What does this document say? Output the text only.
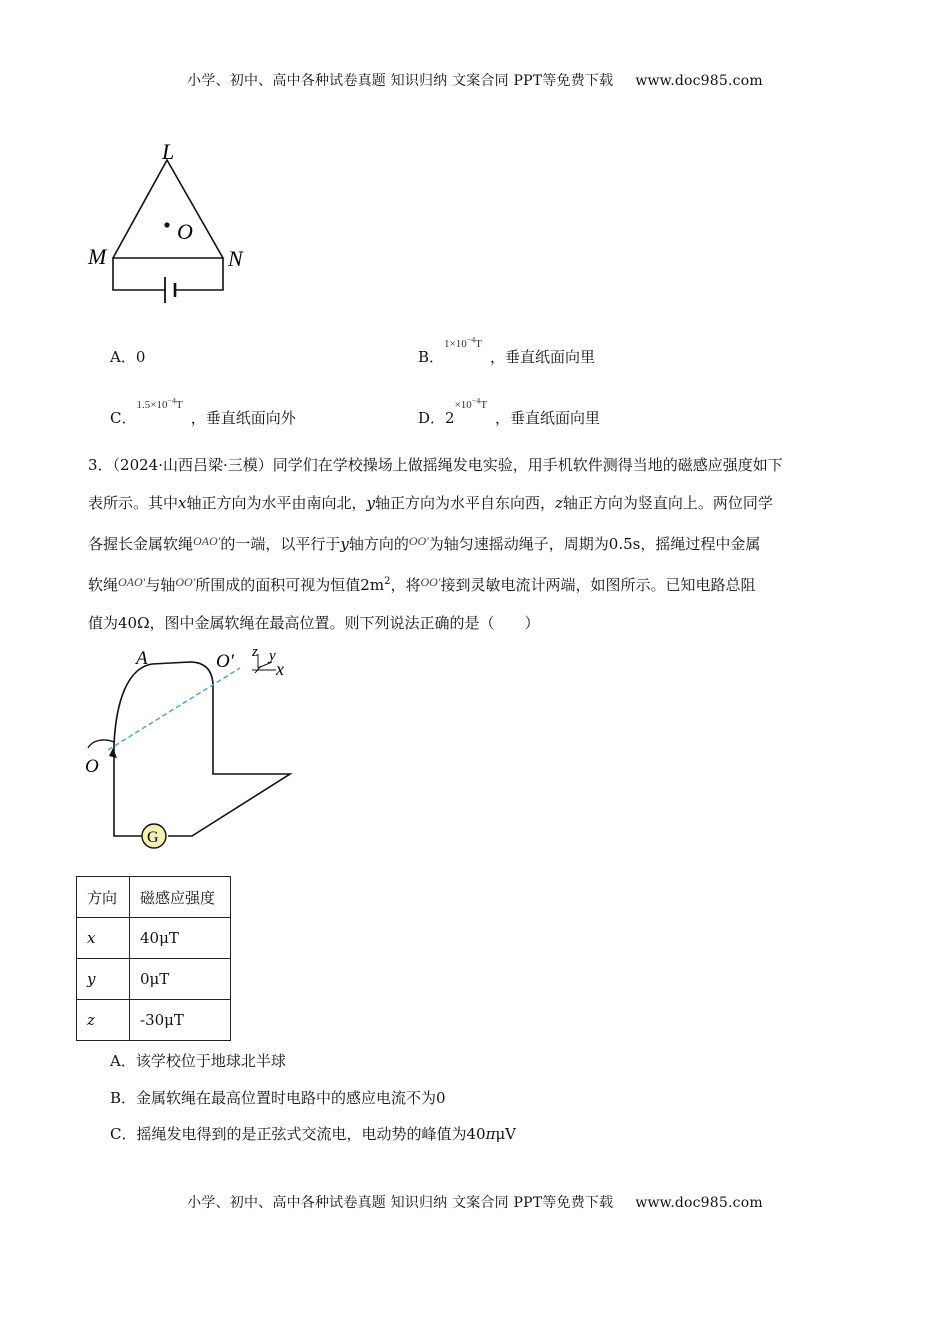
小学、初中、高中各种试卷真题 知识归纳 文案合同 PPT等免费下载 www.doc985.com
L
O
M	N
A．0	B．$^{1\times 10^{-4}T}$，垂直纸面向里
C．$^{1.5\times 10^{-4}T}$，垂直纸面向外	D．$2^{\times 10^{-4}T}$，垂直纸面向里
3．（2024·山西吕梁·三模）同学们在学校操场上做摇绳发电实验，用手机软件测得当地的磁感应强度如下
表所示。其中x轴正方向为水平由南向北，y轴正方向为水平自东向西，z轴正方向为竖直向上。两位同学
各握长金属软绳$^{OAO'}$的一端，以平行于y轴方向的$^{OO'}$为轴匀速摇动绳子，周期为0.5s，摇绳过程中金属
软绳$^{OAO'}$与轴$^{OO'}$所围成的面积可视为恒值$2m^2$，将$^{OO'}$接到灵敏电流计两端，如图所示。已知电路总阻
值为40Ω，图中金属软绳在最高位置。则下列说法正确的是（　　）
G
z y
x
A	O′
O
方向	磁感应强度
x	40μT
y	0μT
z	-30μT
A．该学校位于地球北半球
B．金属软绳在最高位置时电路中的感应电流不为0
C．摇绳发电得到的是正弦式交流电，电动势的峰值为40πμV
小学、初中、高中各种试卷真题 知识归纳 文案合同 PPT等免费下载 www.doc985.com
